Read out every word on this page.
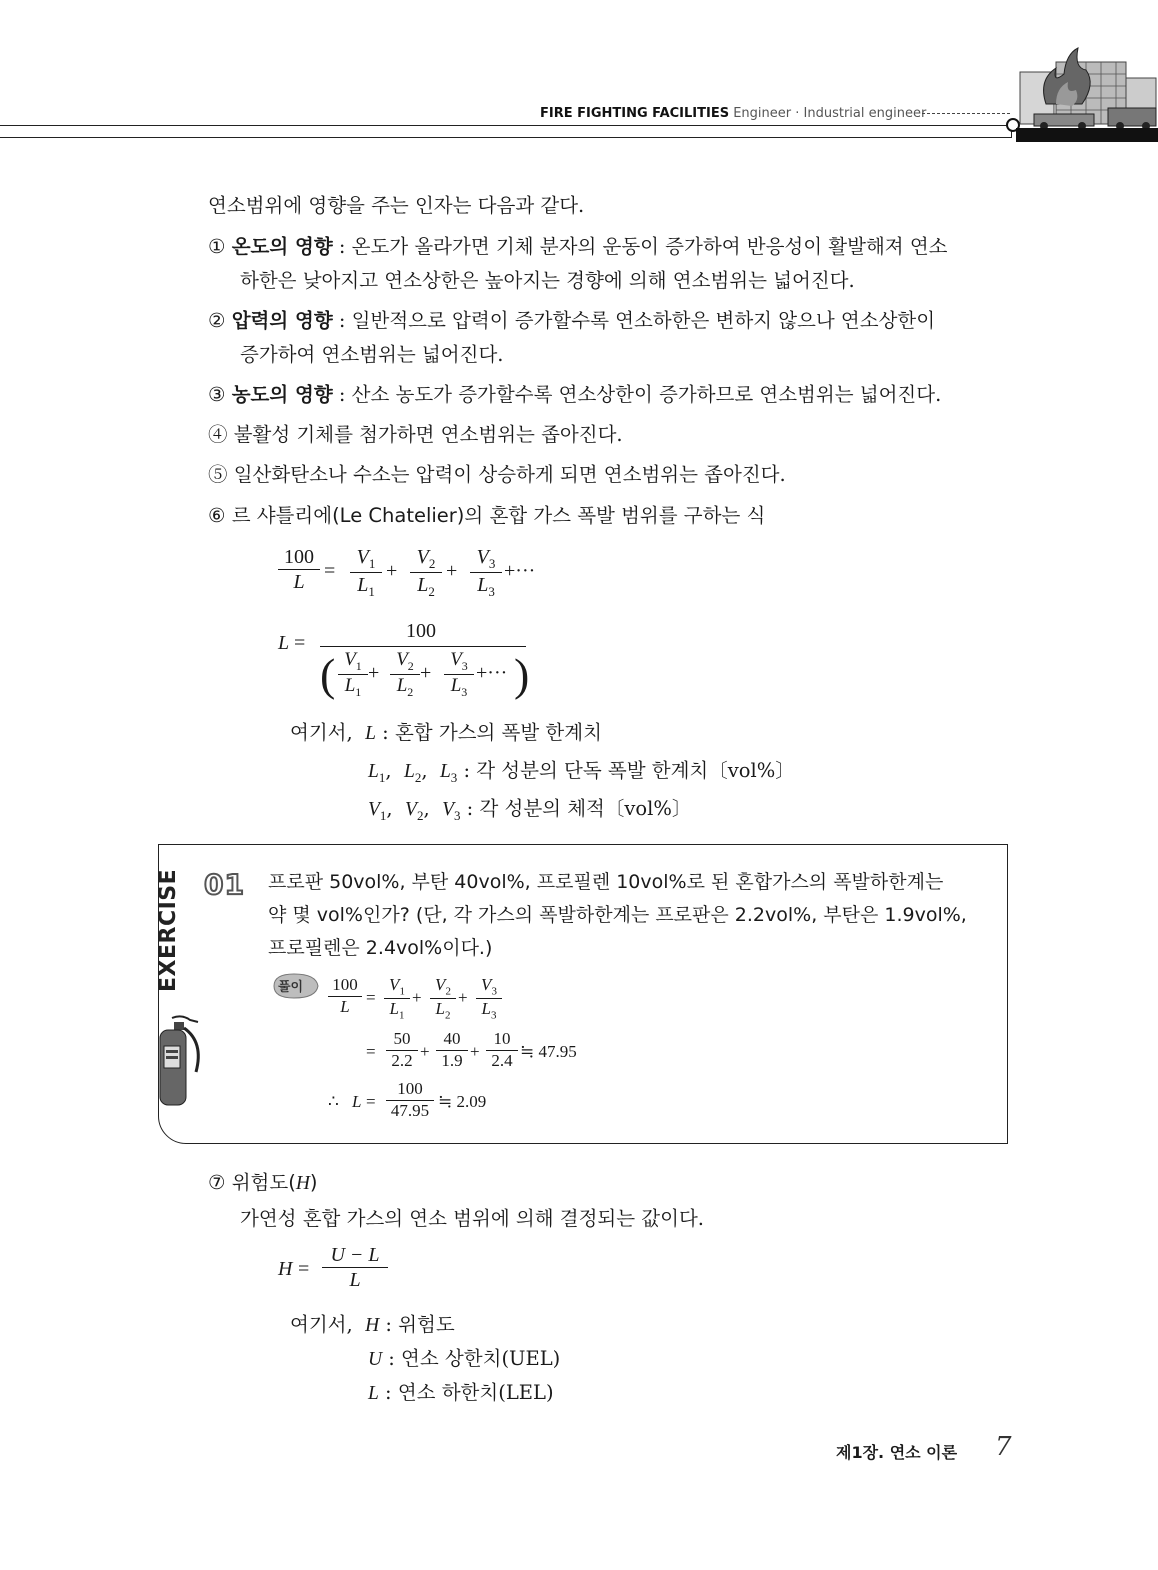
FIRE FIGHTING FACILITIES Engineer · Industrial engineer
연소범위에 영향을 주는 인자는 다음과 같다.
① 온도의 영향 : 온도가 올라가면 기체 분자의 운동이 증가하여 반응성이 활발해져 연소
하한은 낮아지고 연소상한은 높아지는 경향에 의해 연소범위는 넓어진다.
② 압력의 영향 : 일반적으로 압력이 증가할수록 연소하한은 변하지 않으나 연소상한이
증가하여 연소범위는 넓어진다.
③ 농도의 영향 : 산소 농도가 증가할수록 연소상한이 증가하므로 연소범위는 넓어진다.
④ 불활성 기체를 첨가하면 연소범위는 좁아진다.
⑤ 일산화탄소나 수소는 압력이 상승하게 되면 연소범위는 좁아진다.
⑥ 르 샤틀리에(Le Chatelier)의 혼합 가스 폭발 범위를 구하는 식
100
L =
$V_1$
$L_1$
+
$V_2$
$L_2$
+
$V_3$
$L_3$
+···
L =
100
( $V_1$
$L_1$
+
$V_2$
$L_2$
+
$V_3$
$L_3$
+··· )
여기서, L : 혼합 가스의 폭발 한계치
$L_1$,  $L_2$,  $L_3$ : 각 성분의 단독 폭발 한계치〔vol%〕
$V_1$,  $V_2$,  $V_3$ : 각 성분의 체적〔vol%〕
EXERCISE 01 프로판 50vol%, 부탄 40vol%, 프로필렌 10vol%로 된 혼합가스의 폭발하한계는
약 몇 vol%인가? (단, 각 가스의 폭발하한계는 프로판은 2.2vol%, 부탄은 1.9vol%,
프로필렌은 2.4vol%이다.)
풀이 100
L =
$V_1$
$L_1$
+
$V_2$
$L_2$
+
$V_3$
$L_3$
=
50
2.2 +
40
1.9 +
10
2.4 ≒ 47.95
∴ L =
100
47.95 ≒ 2.09
⑦ 위험도(H)
가연성 혼합 가스의 연소 범위에 의해 결정되는 값이다.
H =
U − L
L
여기서, H : 위험도
U : 연소 상한치(UEL)
L : 연소 하한치(LEL)
제1장. 연소 이론 7
